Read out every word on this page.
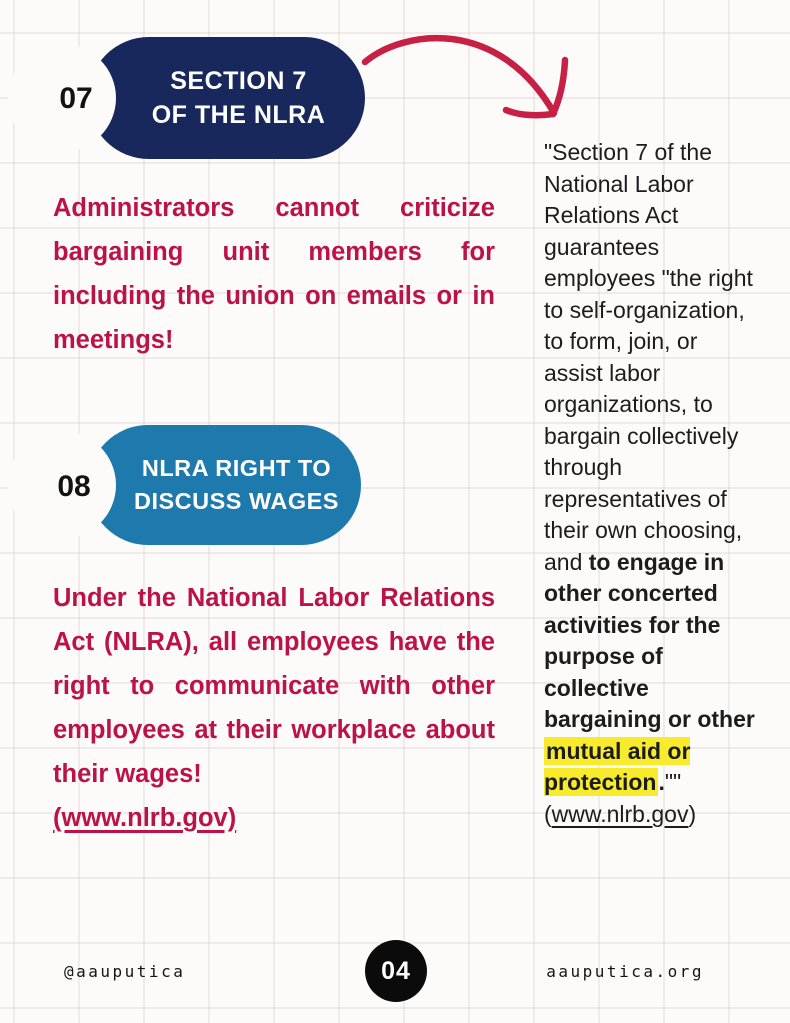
07
SECTION 7
OF THE NLRA

Administrators cannot criticize bargaining unit members for including the union on emails or in meetings!

08
NLRA RIGHT TO
DISCUSS WAGES

Under the National Labor Relations Act (NLRA), all employees have the right to communicate with other employees at their workplace about their wages!
(www.nlrb.gov)

"Section 7 of the National Labor Relations Act guarantees employees "the right to self-organization, to form, join, or assist labor organizations, to bargain collectively through representatives of their own choosing, and to engage in other concerted activities for the purpose of collective bargaining or other mutual aid or protection.""
(www.nlrb.gov)
@aauputica	04	aauputica.org
